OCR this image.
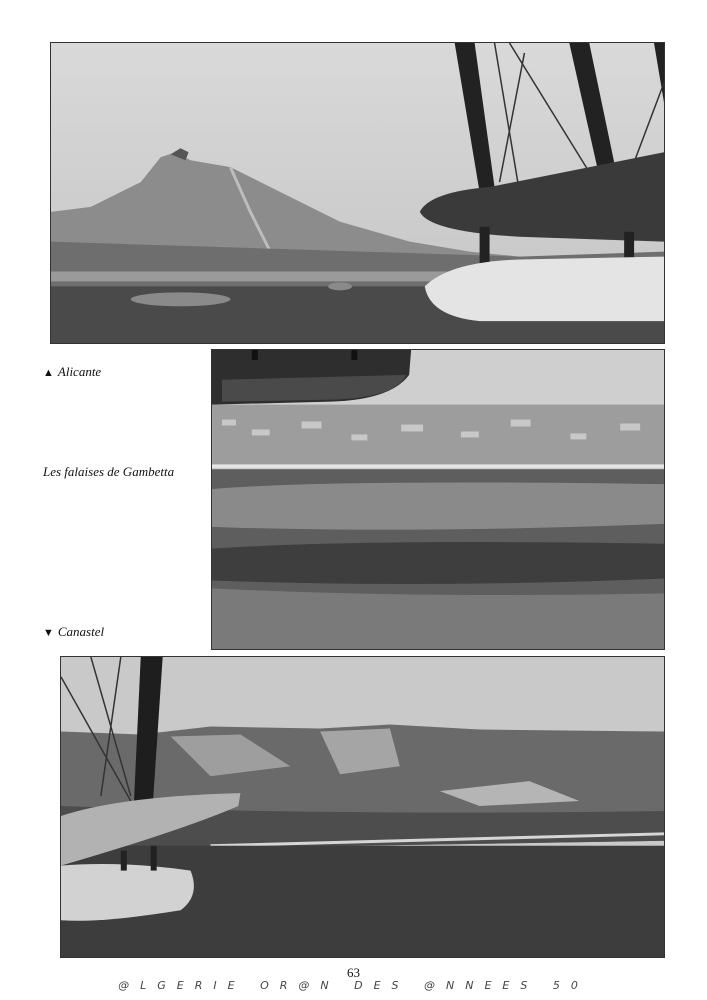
▲ Alicante
Les falaises de Gambetta
▼ Canastel
63
@LGERIE OR@N DES @NNEES 50
